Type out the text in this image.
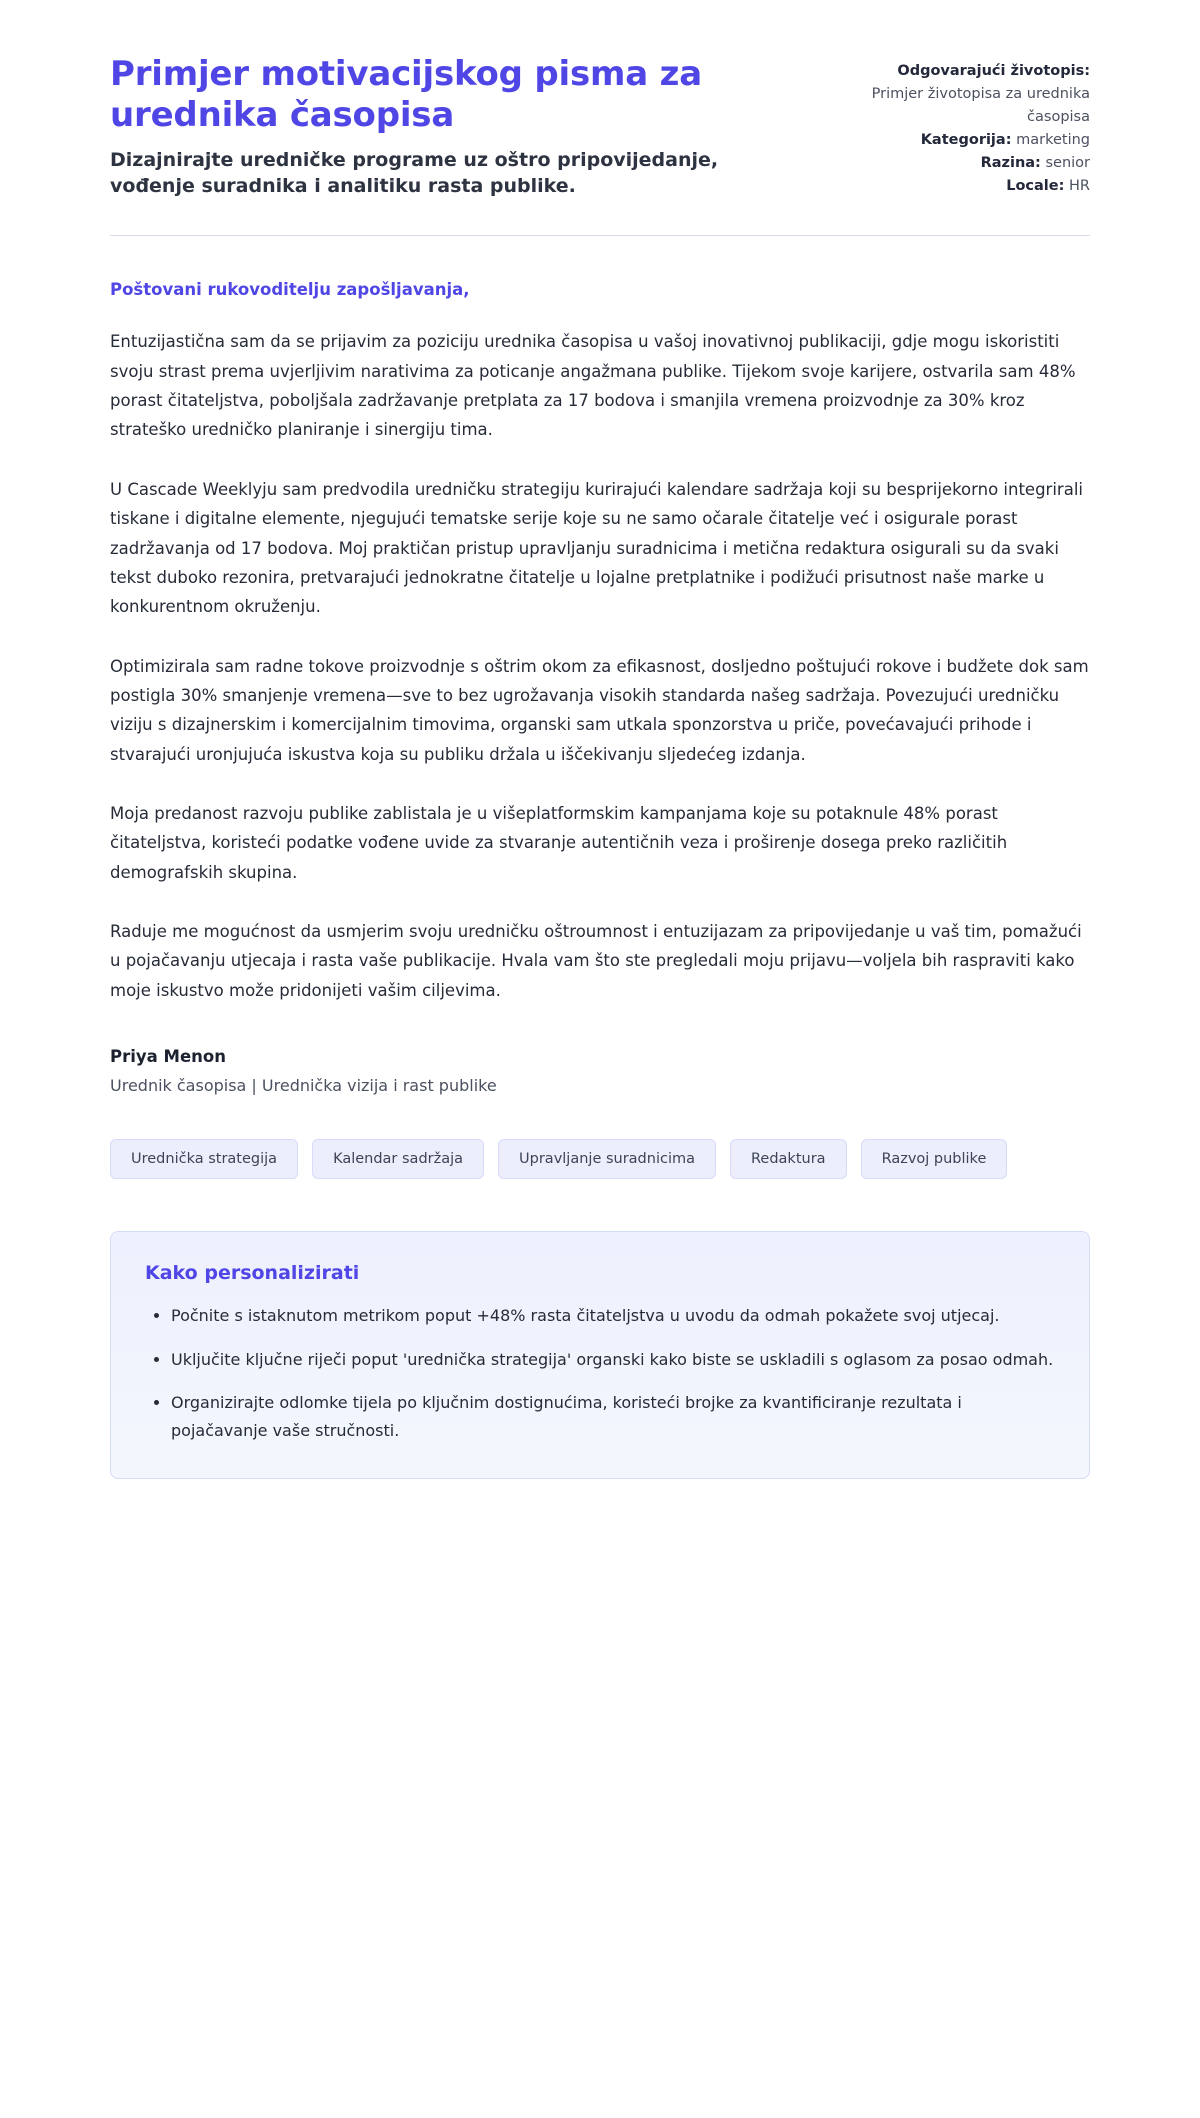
Primjer motivacijskog pisma za urednika časopisa

Dizajnirajte uredničke programe uz oštro pripovijedanje, vođenje suradnika i analitiku rasta publike.

Odgovarajući životopis:
Primjer životopisa za urednika časopisa
Kategorija: marketing
Razina: senior
Locale: HR

Poštovani rukovoditelju zapošljavanja,

Entuzijastična sam da se prijavim za poziciju urednika časopisa u vašoj inovativnoj publikaciji, gdje mogu iskoristiti svoju strast prema uvjerljivim narativima za poticanje angažmana publike. Tijekom svoje karijere, ostvarila sam 48% porast čitateljstva, poboljšala zadržavanje pretplata za 17 bodova i smanjila vremena proizvodnje za 30% kroz strateško uredničko planiranje i sinergiju tima.

U Cascade Weeklyju sam predvodila uredničku strategiju kurirajući kalendare sadržaja koji su besprijekorno integrirali tiskane i digitalne elemente, njegujući tematske serije koje su ne samo očarale čitatelje već i osigurale porast zadržavanja od 17 bodova. Moj praktičan pristup upravljanju suradnicima i metična redaktura osigurali su da svaki tekst duboko rezonira, pretvarajući jednokratne čitatelje u lojalne pretplatnike i podižući prisutnost naše marke u konkurentnom okruženju.

Optimizirala sam radne tokove proizvodnje s oštrim okom za efikasnost, dosljedno poštujući rokove i budžete dok sam postigla 30% smanjenje vremena—sve to bez ugrožavanja visokih standarda našeg sadržaja. Povezujući uredničku viziju s dizajnerskim i komercijalnim timovima, organski sam utkala sponzorstva u priče, povećavajući prihode i stvarajući uronjujuća iskustva koja su publiku držala u iščekivanju sljedećeg izdanja.

Moja predanost razvoju publike zablistala je u višeplatformskim kampanjama koje su potaknule 48% porast čitateljstva, koristeći podatke vođene uvide za stvaranje autentičnih veza i proširenje dosega preko različitih demografskih skupina.

Raduje me mogućnost da usmjerim svoju uredničku oštroumnost i entuzijazam za pripovijedanje u vaš tim, pomažući u pojačavanju utjecaja i rasta vaše publikacije. Hvala vam što ste pregledali moju prijavu—voljela bih raspraviti kako moje iskustvo može pridonijeti vašim ciljevima.

Priya Menon

Urednik časopisa | Urednička vizija i rast publike

Urednička strategija	Kalendar sadržaja	Upravljanje suradnicima	Redaktura	Razvoj publike
Kako personalizirati
• Počnite s istaknutom metrikom poput +48% rasta čitateljstva u uvodu da odmah pokažete svoj utjecaj.
• Uključite ključne riječi poput 'urednička strategija' organski kako biste se uskladili s oglasom za posao odmah.
• Organizirajte odlomke tijela po ključnim dostignućima, koristeći brojke za kvantificiranje rezultata i pojačavanje vaše stručnosti.
